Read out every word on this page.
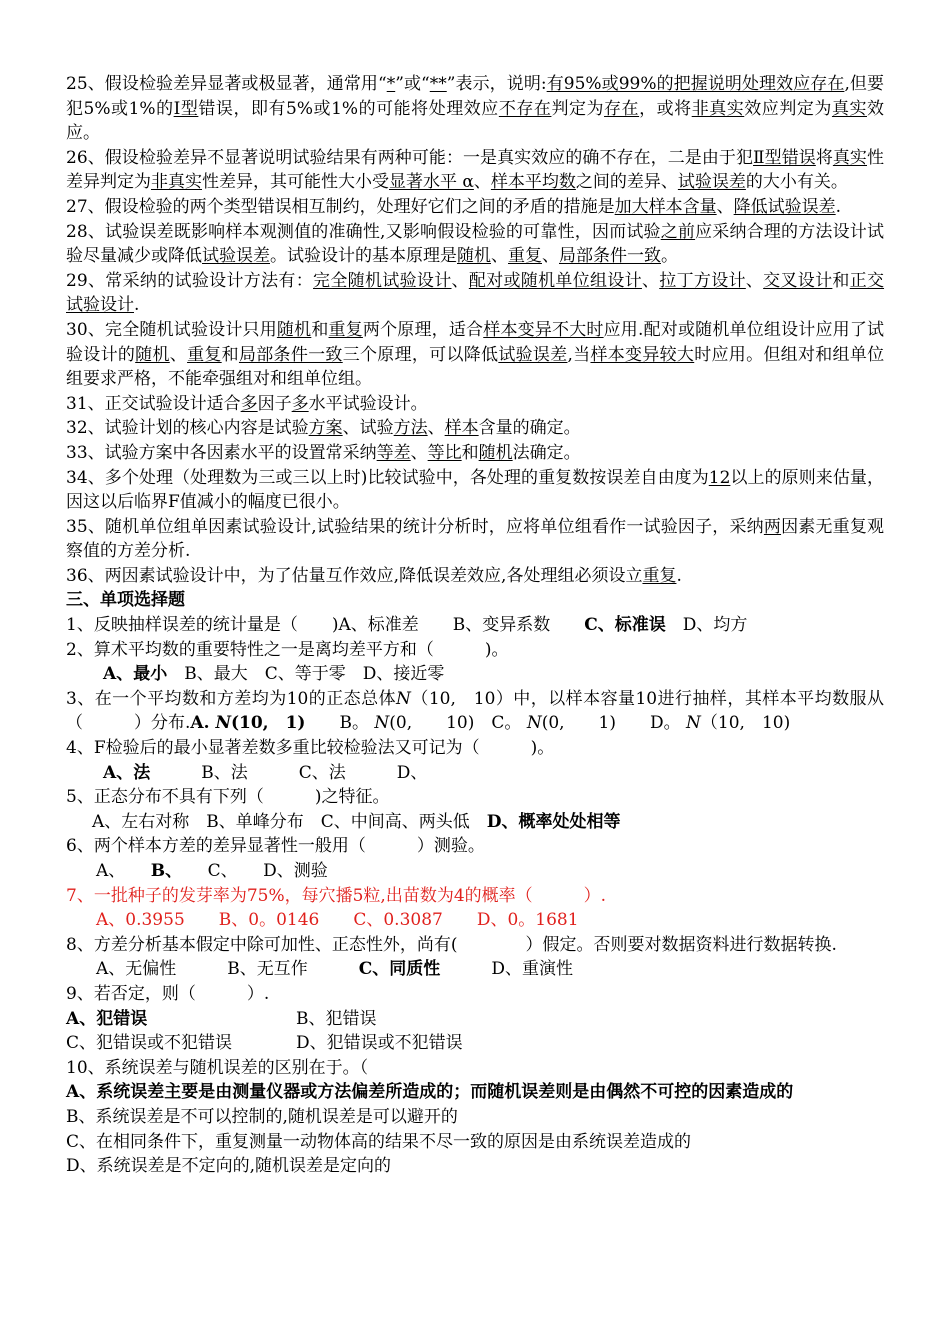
25、假设检验差异显著或极显著，通常用“*”或“**”表示，说明:有95%或99%的把握说明处理效应存在,但要犯5%或1%的Ⅰ型错误，即有5%或1%的可能将处理效应不存在判定为存在，或将非真实效应判定为真实效应。

26、假设检验差异不显著说明试验结果有两种可能：一是真实效应的确不存在，二是由于犯Ⅱ型错误将真实性差异判定为非真实性差异，其可能性大小受显著水平 α、样本平均数之间的差异、试验误差的大小有关。

27、假设检验的两个类型错误相互制约，处理好它们之间的矛盾的措施是加大样本含量、降低试验误差.

28、试验误差既影响样本观测值的准确性,又影响假设检验的可靠性，因而试验之前应采纳合理的方法设计试验尽量减少或降低试验误差。试验设计的基本原理是随机、重复、局部条件一致。

29、常采纳的试验设计方法有：完全随机试验设计、配对或随机单位组设计、拉丁方设计、交叉设计和正交试验设计.

30、完全随机试验设计只用随机和重复两个原理，适合样本变异不大时应用.配对或随机单位组设计应用了试验设计的随机、重复和局部条件一致三个原理，可以降低试验误差,当样本变异较大时应用。但组对和组单位组要求严格，不能牵强组对和组单位组。

31、正交试验设计适合多因子多水平试验设计。

32、试验计划的核心内容是试验方案、试验方法、样本含量的确定。

33、试验方案中各因素水平的设置常采纳等差、等比和随机法确定。

34、多个处理（处理数为三或三以上时)比较试验中，各处理的重复数按误差自由度为12以上的原则来估量，因这以后临界F值减小的幅度已很小。

35、随机单位组单因素试验设计,试验结果的统计分析时，应将单位组看作一试验因子，采纳两因素无重复观察值的方差分析.

36、两因素试验设计中，为了估量互作效应,降低误差效应,各处理组必须设立重复.

三、单项选择题

1、反映抽样误差的统计量是（　　)A、标准差　　B、变异系数　　C、标准误　D、均方

2、算术平均数的重要特性之一是离均差平方和（　　　)。

A、最小　B、最大　C、等于零　D、接近零

3、在一个平均数和方差均为10的正态总体N（10,　10）中，以样本容量10进行抽样，其样本平均数服从（　　　）分布.A. N(10,　1)　　 B。 N(0,　　10)　 C。 N(0,　　1)　　 D。 N（10,　10)

4、F检验后的最小显著差数多重比较检验法又可记为（　　　)。

A、法　　　	B、法　　　	C、法　　　	D、

5、正态分布不具有下列（　　　)之特征。

A、左右对称　 B、单峰分布　 C、中间高、两头低　 D、概率处处相等

6、两个样本方差的差异显著性一般用（　　　）测验。

A、　　 B、　　 C、　　 D、测验

7、一批种子的发芽率为75%，每穴播5粒,出苗数为4的概率（　　　）.

A、0.3955　　 B、0。0146　　 C、0.3087　　 D、0。1681

8、方差分析基本假定中除可加性、正态性外，尚有(　　　　）假定。否则要对数据资料进行数据转换.

A、无偏性　　　	B、无互作　　　	C、同质性　　　	D、重演性

9、若否定，则（　　　）.

A、犯错误	B、犯错误
C、犯错误或不犯错误	D、犯错误或不犯错误

10、系统误差与随机误差的区别在于。（

A、系统误差主要是由测量仪器或方法偏差所造成的；而随机误差则是由偶然不可控的因素造成的

B、系统误差是不可以控制的,随机误差是可以避开的

C、在相同条件下，重复测量一动物体高的结果不尽一致的原因是由系统误差造成的

D、系统误差是不定向的,随机误差是定向的
